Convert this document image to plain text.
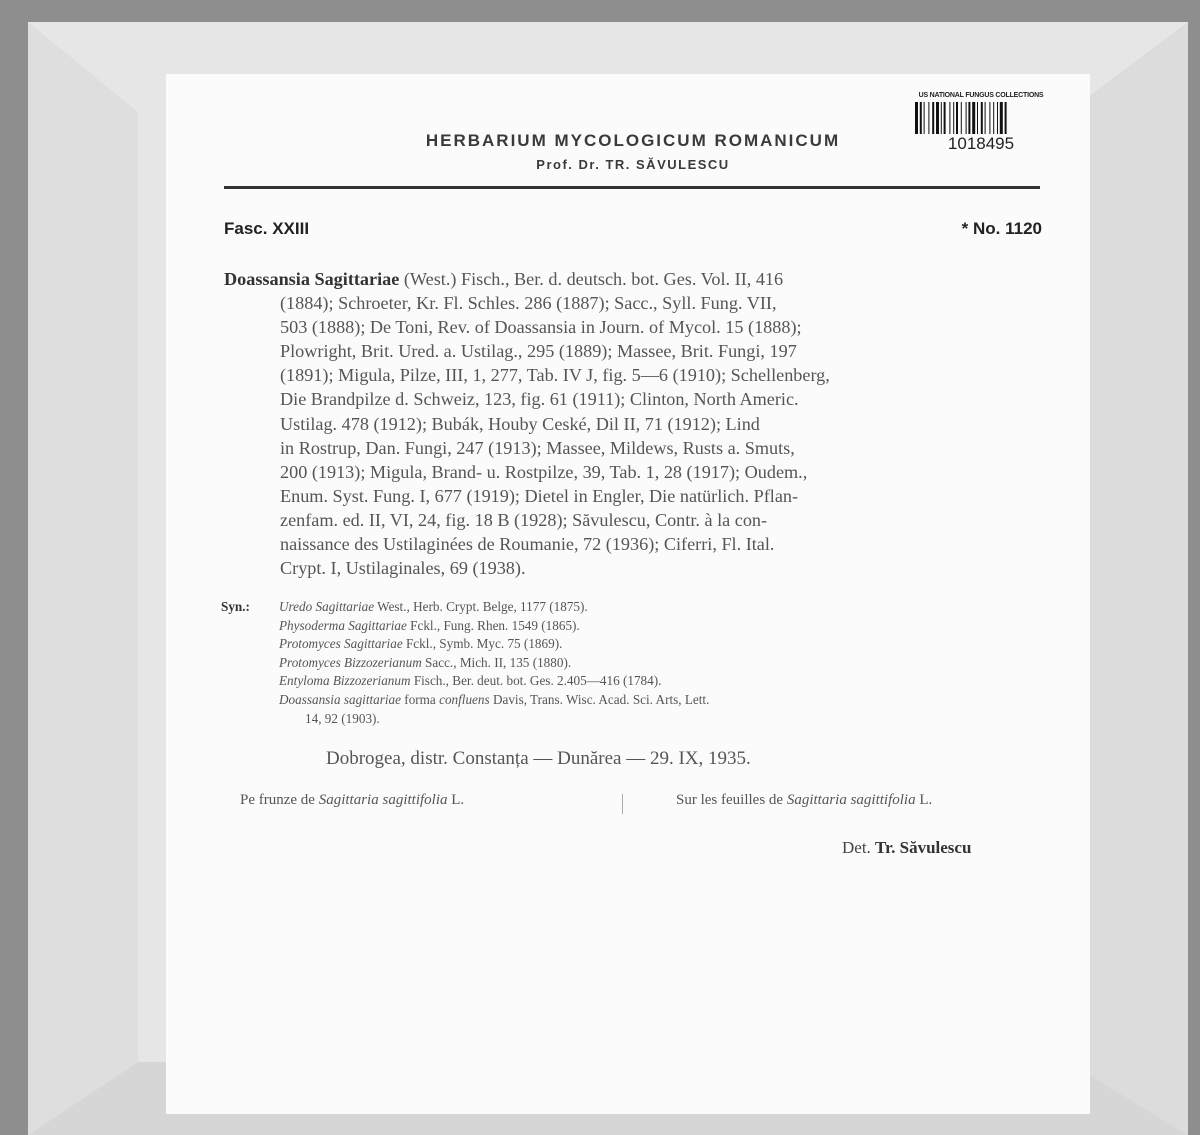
HERBARIUM MYCOLOGICUM ROMANICUM
Prof. Dr. TR. SĂVULESCU
US NATIONAL FUNGUS COLLECTIONS
1018495
Fasc. XXIII	* No. 1120
Doassansia Sagittariae (West.) Fisch., Ber. d. deutsch. bot. Ges. Vol. II, 416
(1884); Schroeter, Kr. Fl. Schles. 286 (1887); Sacc., Syll. Fung. VII,
503 (1888); De Toni, Rev. of Doassansia in Journ. of Mycol. 15 (1888);
Plowright, Brit. Ured. a. Ustilag., 295 (1889); Massee, Brit. Fungi, 197
(1891); Migula, Pilze, III, 1, 277, Tab. IV J, fig. 5—6 (1910); Schellenberg,
Die Brandpilze d. Schweiz, 123, fig. 61 (1911); Clinton, North Americ.
Ustilag. 478 (1912); Bubák, Houby Ceské, Dil II, 71 (1912); Lind
in Rostrup, Dan. Fungi, 247 (1913); Massee, Mildews, Rusts a. Smuts,
200 (1913); Migula, Brand- u. Rostpilze, 39, Tab. 1, 28 (1917); Oudem.,
Enum. Syst. Fung. I, 677 (1919); Dietel in Engler, Die natürlich. Pflan-
zenfam. ed. II, VI, 24, fig. 18 B (1928); Săvulescu, Contr. à la con-
naissance des Ustilaginées de Roumanie, 72 (1936); Ciferri, Fl. Ital.
Crypt. I, Ustilaginales, 69 (1938).
Syn.: Uredo Sagittariae West., Herb. Crypt. Belge, 1177 (1875).
Physoderma Sagittariae Fckl., Fung. Rhen. 1549 (1865).
Protomyces Sagittariae Fckl., Symb. Myc. 75 (1869).
Protomyces Bizzozerianum Sacc., Mich. II, 135 (1880).
Entyloma Bizzozerianum Fisch., Ber. deut. bot. Ges. 2.405—416 (1784).
Doassansia sagittariae forma confluens Davis, Trans. Wisc. Acad. Sci. Arts, Lett.
14, 92 (1903).
Dobrogea, distr. Constanța — Dunărea — 29. IX, 1935.
Pe frunze de Sagittaria sagittifolia L.	Sur les feuilles de Sagittaria sagittifolia L.
Det. Tr. Săvulescu
